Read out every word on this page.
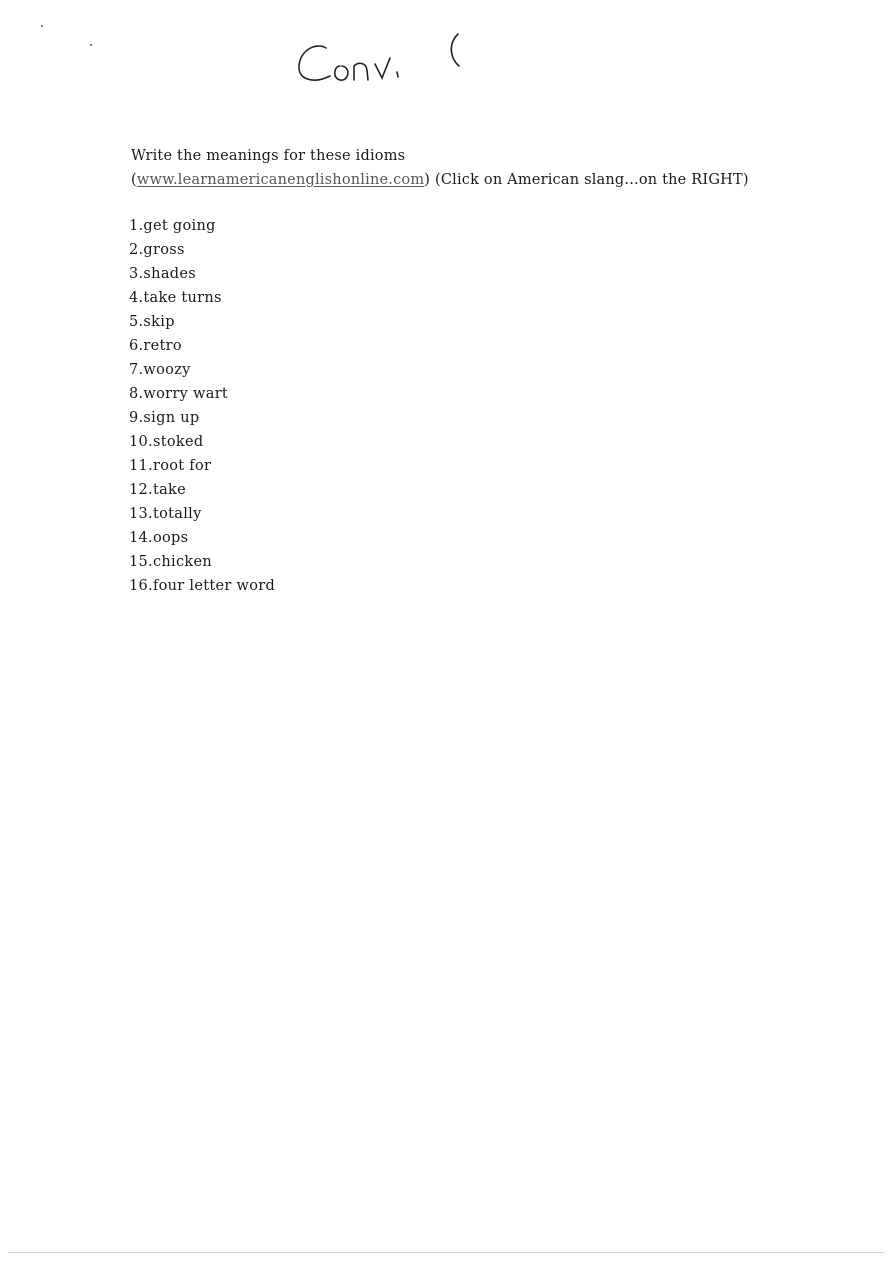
Write the meanings for these idioms

(www.learnamericanenglishonline.com) (Click on American slang...on the RIGHT)

1.get going
2.gross
3.shades
4.take turns
5.skip
6.retro
7.woozy
8.worry wart
9.sign up
10.stoked
11.root for
12.take
13.totally
14.oops
15.chicken
16.four letter word
